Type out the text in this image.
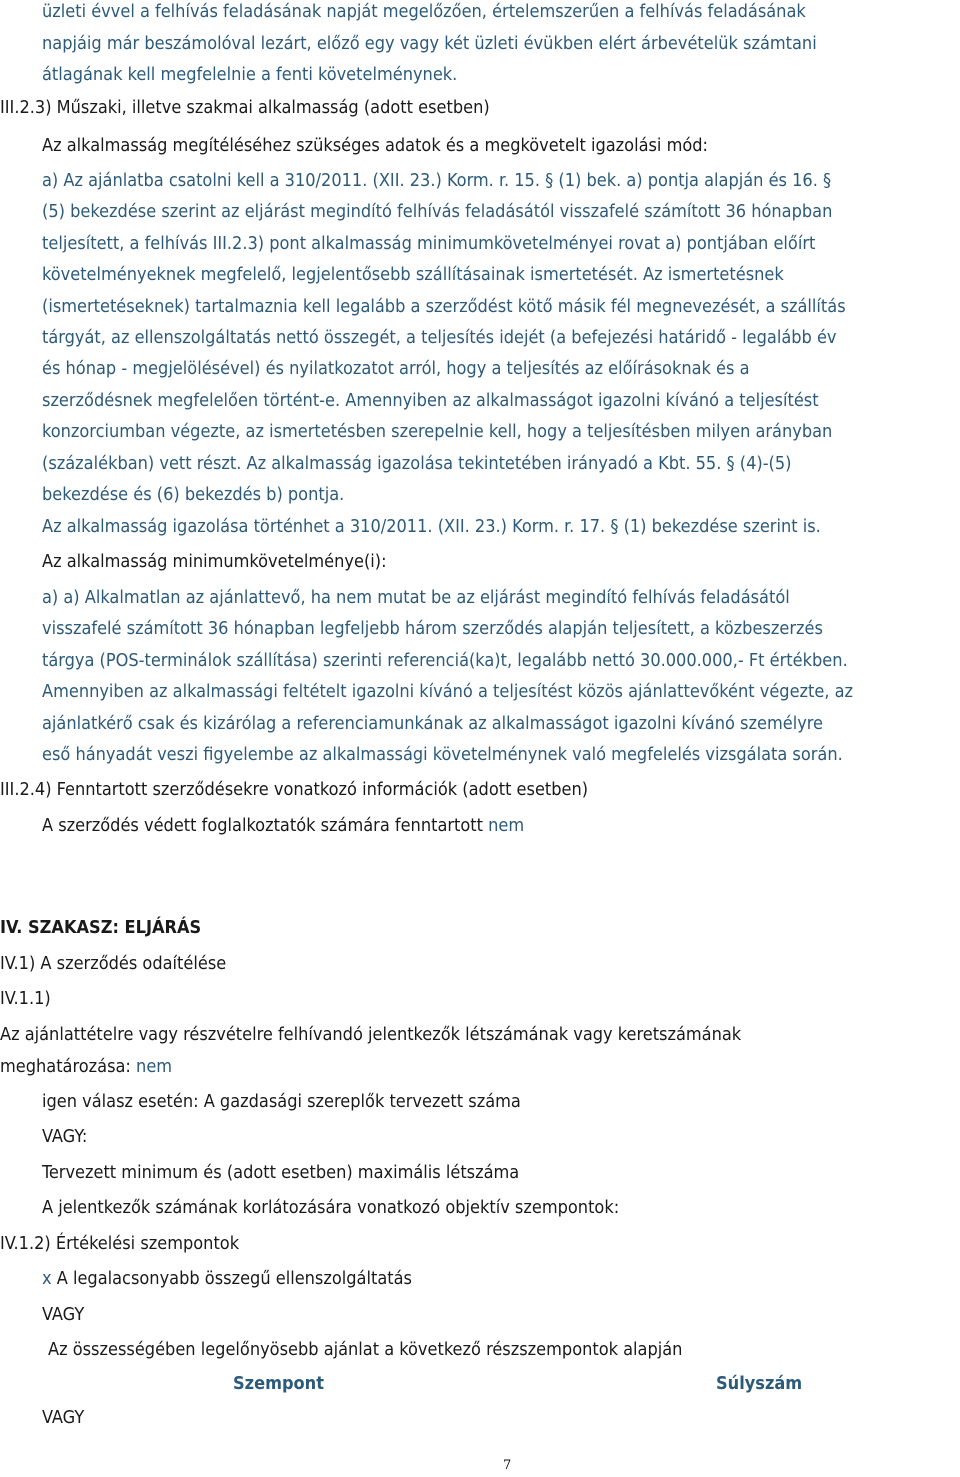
üzleti évvel a felhívás feladásának napját megelőzően, értelemszerűen a felhívás feladásának
napjáig már beszámolóval lezárt, előző egy vagy két üzleti évükben elért árbevételük számtani
átlagának kell megfelelnie a fenti követelménynek.
III.2.3) Műszaki, illetve szakmai alkalmasság (adott esetben)
Az alkalmasság megítéléséhez szükséges adatok és a megkövetelt igazolási mód:
a) Az ajánlatba csatolni kell a 310/2011. (XII. 23.) Korm. r. 15. § (1) bek. a) pontja alapján és 16. §
(5) bekezdése szerint az eljárást megindító felhívás feladásától visszafelé számított 36 hónapban
teljesített, a felhívás III.2.3) pont alkalmasság minimumkövetelményei rovat a) pontjában előírt
követelményeknek megfelelő, legjelentősebb szállításainak ismertetését. Az ismertetésnek
(ismertetéseknek) tartalmaznia kell legalább a szerződést kötő másik fél megnevezését, a szállítás
tárgyát, az ellenszolgáltatás nettó összegét, a teljesítés idejét (a befejezési határidő - legalább év
és hónap - megjelölésével) és nyilatkozatot arról, hogy a teljesítés az előírásoknak és a
szerződésnek megfelelően történt-e. Amennyiben az alkalmasságot igazolni kívánó a teljesítést
konzorciumban végezte, az ismertetésben szerepelnie kell, hogy a teljesítésben milyen arányban
(százalékban) vett részt. Az alkalmasság igazolása tekintetében irányadó a Kbt. 55. § (4)-(5)
bekezdése és (6) bekezdés b) pontja.
Az alkalmasság igazolása történhet a 310/2011. (XII. 23.) Korm. r. 17. § (1) bekezdése szerint is.
Az alkalmasság minimumkövetelménye(i):
a) a) Alkalmatlan az ajánlattevő, ha nem mutat be az eljárást megindító felhívás feladásától
visszafelé számított 36 hónapban legfeljebb három szerződés alapján teljesített, a közbeszerzés
tárgya (POS-terminálok szállítása) szerinti referenciá(ka)t, legalább nettó 30.000.000,- Ft értékben.
Amennyiben az alkalmassági feltételt igazolni kívánó a teljesítést közös ajánlattevőként végezte, az
ajánlatkérő csak és kizárólag a referenciamunkának az alkalmasságot igazolni kívánó személyre
eső hányadát veszi figyelembe az alkalmassági követelménynek való megfelelés vizsgálata során.
III.2.4) Fenntartott szerződésekre vonatkozó információk (adott esetben)
A szerződés védett foglalkoztatók számára fenntartott nem
IV. SZAKASZ: ELJÁRÁS
IV.1) A szerződés odaítélése
IV.1.1)
Az ajánlattételre vagy részvételre felhívandó jelentkezők létszámának vagy keretszámának
meghatározása: nem
igen válasz esetén: A gazdasági szereplők tervezett száma
VAGY:
Tervezett minimum és (adott esetben) maximális létszáma
A jelentkezők számának korlátozására vonatkozó objektív szempontok:
IV.1.2) Értékelési szempontok
x A legalacsonyabb összegű ellenszolgáltatás
VAGY
Az összességében legelőnyösebb ajánlat a következő részszempontok alapján
Szempont	Súlyszám
VAGY
7
